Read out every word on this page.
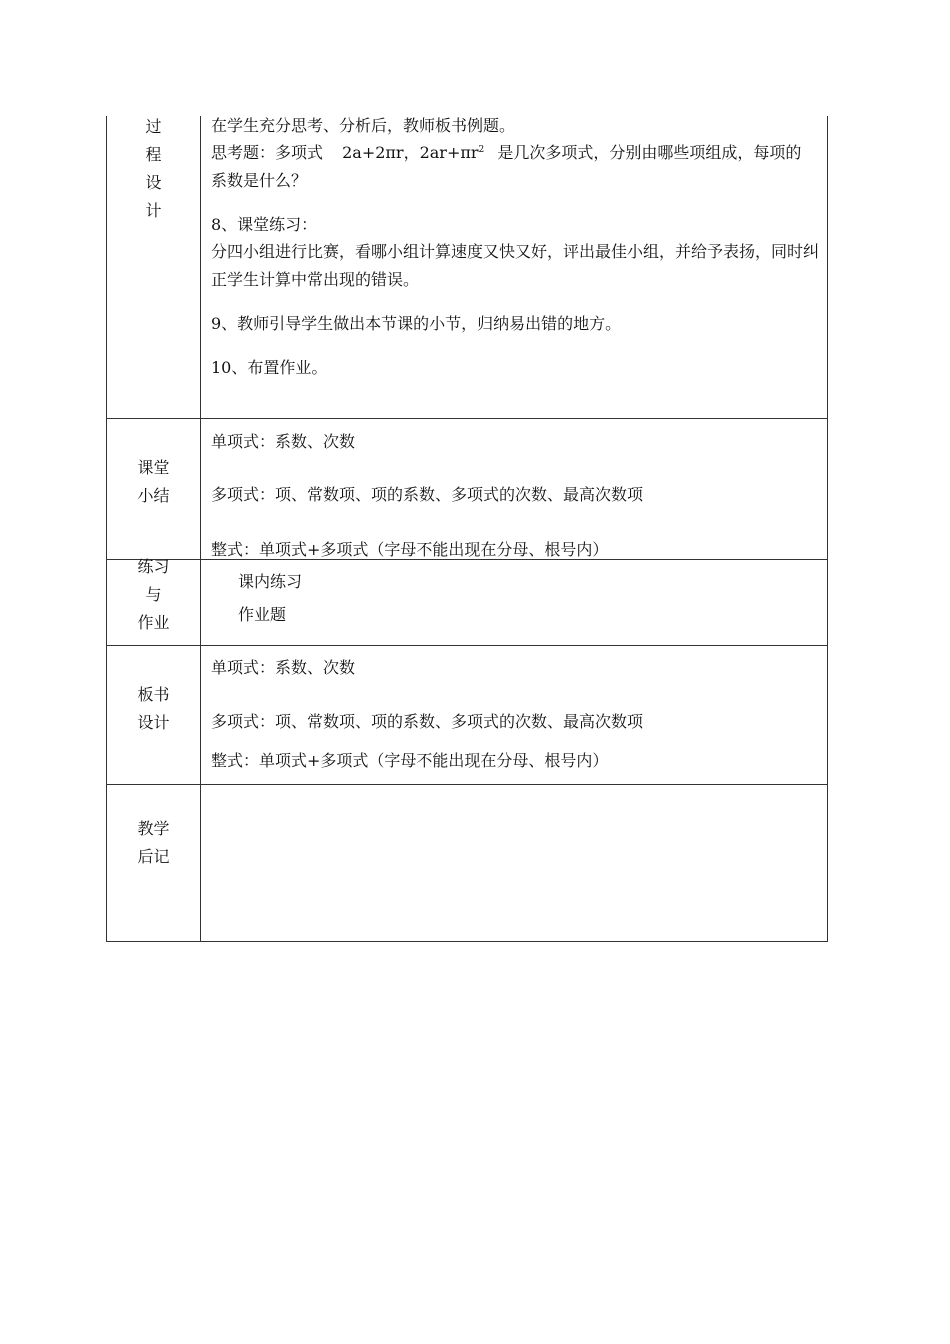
过
程
设
计
在学生充分思考、分析后，教师板书例题。
思考题：多项式 2a+2πr，$2ar+\pi r^2$ 是几次多项式，分别由哪些项组成，每项的
系数是什么？
8、课堂练习：
分四小组进行比赛，看哪小组计算速度又快又好，评出最佳小组，并给予表扬，同时纠正学生计算中常出现的错误。
9、教师引导学生做出本节课的小节，归纳易出错的地方。
10、布置作业。
课堂
小结
单项式：系数、次数
多项式：项、常数项、项的系数、多项式的次数、最高次数项
整式：单项式+多项式（字母不能出现在分母、根号内）
练习
与
作业
课内练习
作业题
板书
设计
单项式：系数、次数
多项式：项、常数项、项的系数、多项式的次数、最高次数项
整式：单项式+多项式（字母不能出现在分母、根号内）
教学
后记
